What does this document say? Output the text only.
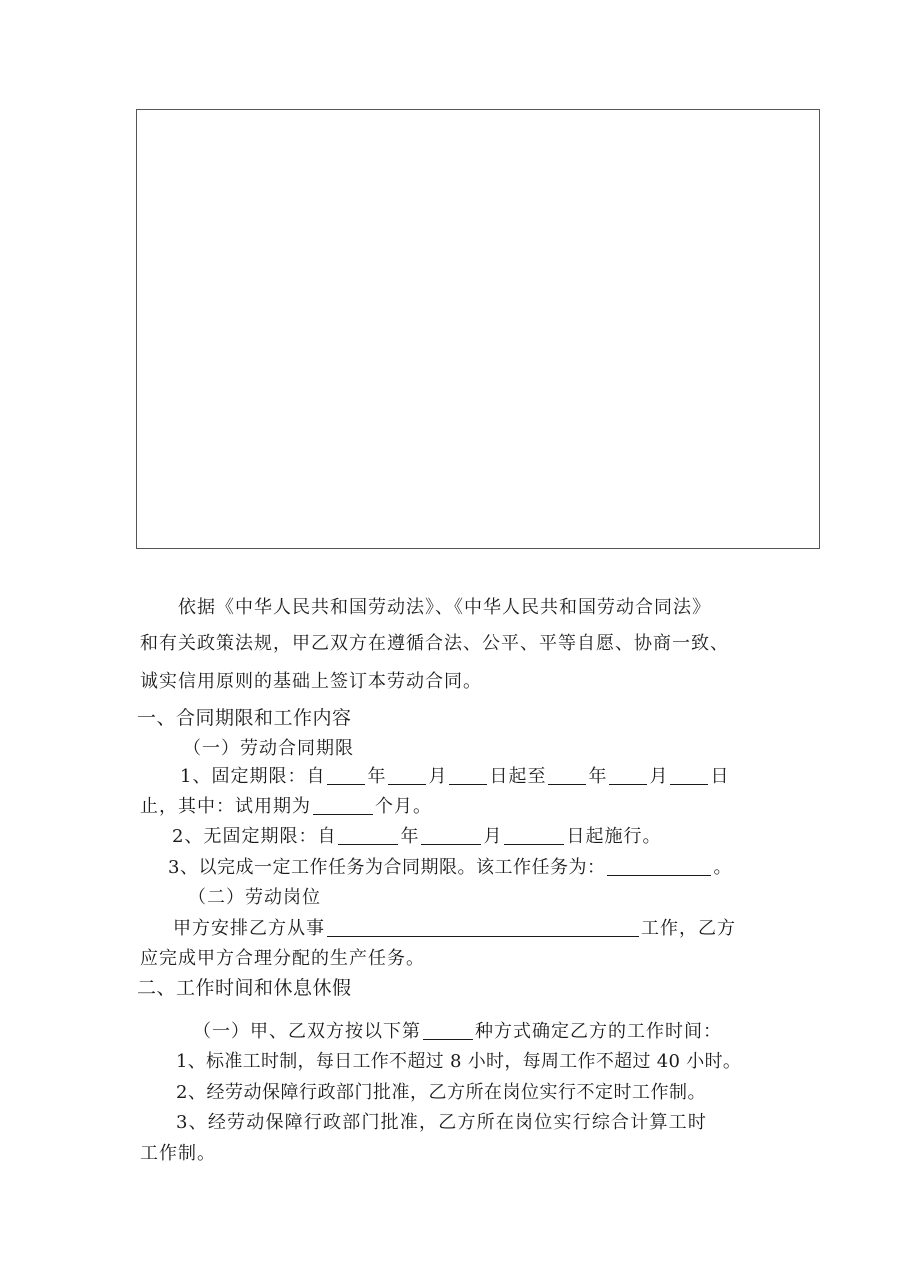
依据《中华人民共和国劳动法》、《中华人民共和国劳动合同法》
和有关政策法规，甲乙双方在遵循合法、公平、平等自愿、协商一致、
诚实信用原则的基础上签订本劳动合同。
一、合同期限和工作内容
（一）劳动合同期限
1、固定期限：自 年 月 日起至 年 月 日
止，其中：试用期为	个月。
2、无固定期限：自	年	月	日起施行。
3、以完成一定工作任务为合同期限。该工作任务为：	。
（二）劳动岗位
甲方安排乙方从事	工作，乙方
应完成甲方合理分配的生产任务。
二、工作时间和休息休假
（一）甲、乙双方按以下第	种方式确定乙方的工作时间：
1、标准工时制，每日工作不超过 8 小时，每周工作不超过 40 小时。
2、经劳动保障行政部门批准，乙方所在岗位实行不定时工作制。
3、经劳动保障行政部门批准，乙方所在岗位实行综合计算工时
工作制。
